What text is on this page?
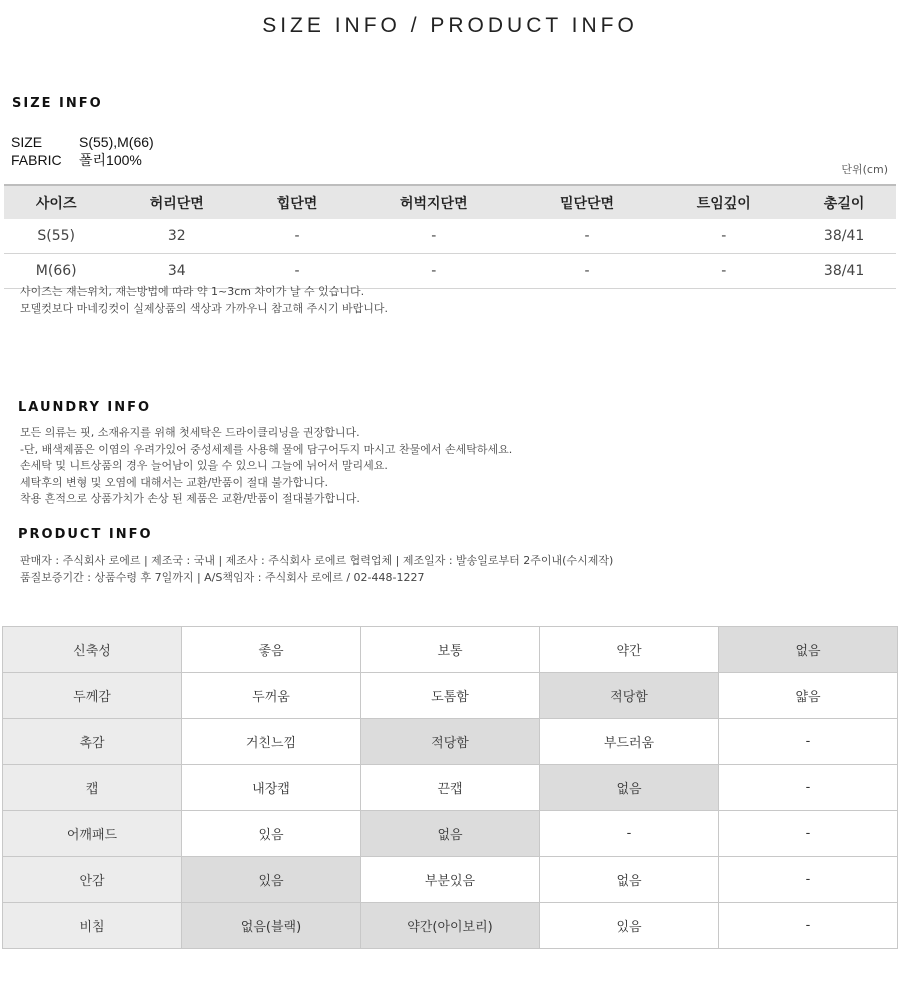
SIZE INFO / PRODUCT INFO
SIZE INFO
SIZE	S(55),M(66)
FABRIC 폴리100%
단위(cm)
사이즈	허리단면	힙단면	허벅지단면	밑단단면	트임깊이	총길이
S(55)	32	-	-	-	-	38/41
M(66)	34	-	-	-	-	38/41
사이즈는 재는위치, 재는방법에 따라 약 1~3cm 차이가 날 수 있습니다.
모델컷보다 마네킹컷이 실제상품의 색상과 가까우니 참고해 주시기 바랍니다.
LAUNDRY INFO
모든 의류는 핏, 소재유지를 위해 첫세탁은 드라이클리닝을 권장합니다.
-단, 배색제품은 이염의 우려가있어 중성세제를 사용해 물에 담구어두지 마시고 찬물에서 손세탁하세요.
손세탁 및 니트상품의 경우 늘어남이 있을 수 있으니 그늘에 뉘어서 말리세요.
세탁후의 변형 및 오염에 대해서는 교환/반품이 절대 불가합니다.
착용 흔적으로 상품가치가 손상 된 제품은 교환/반품이 절대불가합니다.
PRODUCT INFO
판매자 : 주식회사 로에르 | 제조국 : 국내 | 제조사 : 주식회사 로에르 협력업체 | 제조일자 : 발송일로부터 2주이내(수시제작)
품질보증기간 : 상품수령 후 7일까지 | A/S책임자 : 주식회사 로에르 / 02-448-1227
신축성	좋음	보통	약간	없음
두께감	두꺼움	도톰함	적당함	얇음
촉감	거친느낌	적당함	부드러움	-
캡	내장캡	끈캡	없음	-
어깨패드	있음	없음	-	-
안감	있음	부분있음	없음	-
비침	없음(블랙)	약간(아이보리)	있음	-
